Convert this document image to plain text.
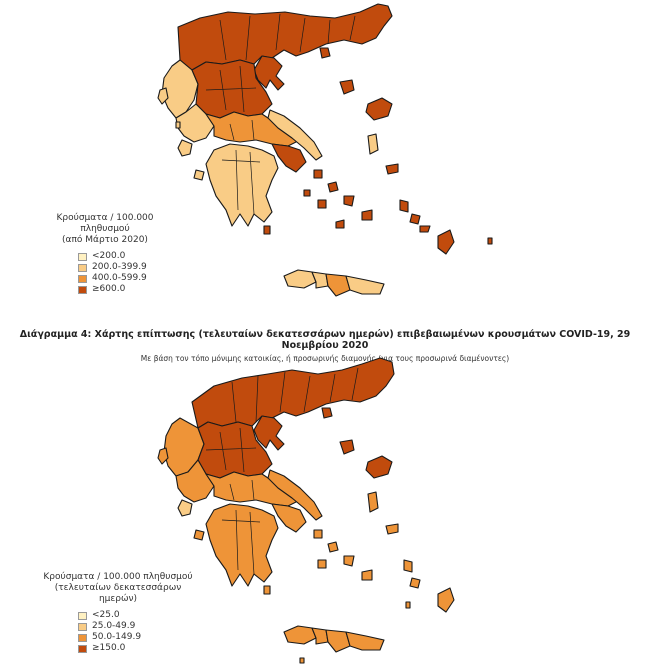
Κρούσματα / 100.000 πληθυσμού
(από Μάρτιο 2020)
<200.0
200.0-399.9
400.0-599.9
≥600.0
Διάγραμμα 4: Χάρτης επίπτωσης (τελευταίων δεκατεσσάρων ημερών) επιβεβαιωμένων κρουσμάτων COVID-19, 29 Νοεμβρίου 2020
Με βάση τον τόπο μόνιμης κατοικίας, ή προσωρινής διαμονής (για τους προσωρινά διαμένοντες)
Κρούσματα / 100.000 πληθυσμού
(τελευταίων δεκατεσσάρων ημερών)
<25.0
25.0-49.9
50.0-149.9
≥150.0
